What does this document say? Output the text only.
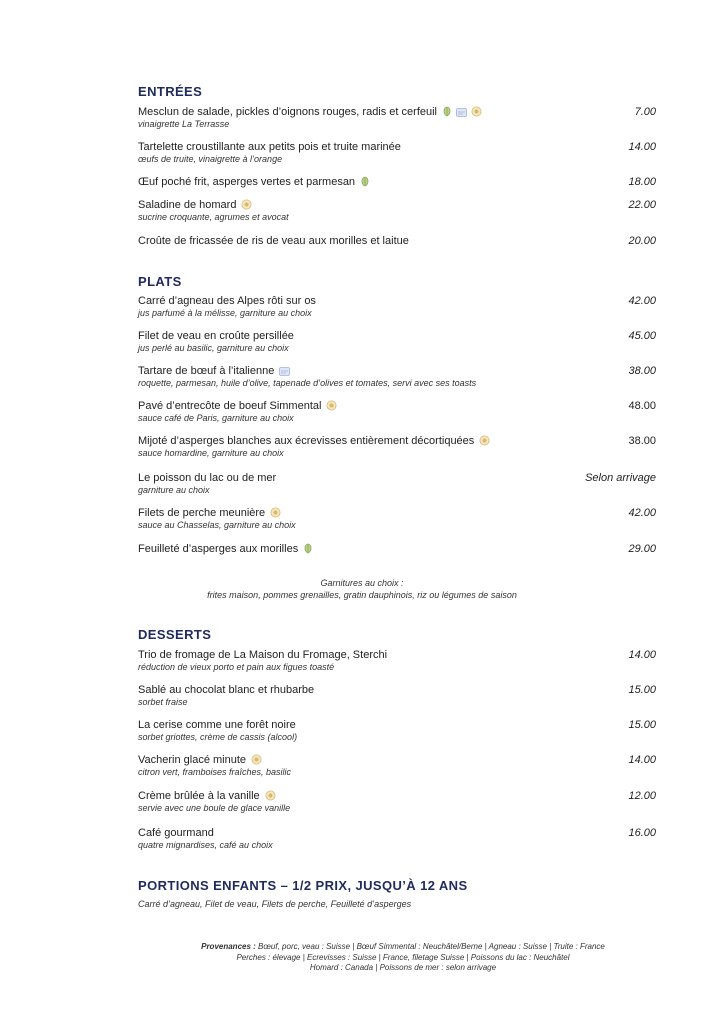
ENTRÉES
Mesclun de salade, pickles d’oignons rouges, radis et cerfeuil	7.00
vinaigrette La Terrasse
Tartelette croustillante aux petits pois et truite marinée	14.00
œufs de truite, vinaigrette à l’orange
Œuf poché frit, asperges vertes et parmesan	18.00
Saladine de homard	22.00
sucrine croquante, agrumes et avocat
Croûte de fricassée de ris de veau aux morilles et laitue	20.00
PLATS
Carré d’agneau des Alpes rôti sur os	42.00
jus parfumé à la mélisse, garniture au choix
Filet de veau en croûte persillée	45.00
jus perlé au basilic, garniture au choix
Tartare de bœuf à l’italienne	38.00
roquette, parmesan, huile d’olive, tapenade d’olives et tomates, servi avec ses toasts
Pavé d’entrecôte de boeuf Simmental	48.00
sauce café de Paris, garniture au choix
Mijoté d’asperges blanches aux écrevisses entièrement décortiquées	38.00
sauce homardine, garniture au choix
Le poisson du lac ou de mer	Selon arrivage
garniture au choix
Filets de perche meunière	42.00
sauce au Chasselas, garniture au choix
Feuilleté d’asperges aux morilles	29.00
Garnitures au choix :
frites maison, pommes grenailles, gratin dauphinois, riz ou légumes de saison
DESSERTS
Trio de fromage de La Maison du Fromage, Sterchi	14.00
réduction de vieux porto et pain aux figues toasté
Sablé au chocolat blanc et rhubarbe	15.00
sorbet fraise
La cerise comme une forêt noire	15.00
sorbet griottes, crème de cassis (alcool)
Vacherin glacé minute	14.00
citron vert, framboises fraîches, basilic
Crème brûlée à la vanille	12.00
servie avec une boule de glace vanille
Café gourmand	16.00
quatre mignardises, café au choix
PORTIONS ENFANTS – 1/2 PRIX, JUSQU’À 12 ANS
Carré d’agneau, Filet de veau, Filets de perche, Feuilleté d’asperges
Provenances : Bœuf, porc, veau : Suisse | Bœuf Simmental : Neuchâtel/Berne | Agneau : Suisse | Truite : France
Perches : élevage | Ecrevisses : Suisse | France, filetage Suisse | Poissons du lac : Neuchâtel
Homard : Canada | Poissons de mer : selon arrivage
